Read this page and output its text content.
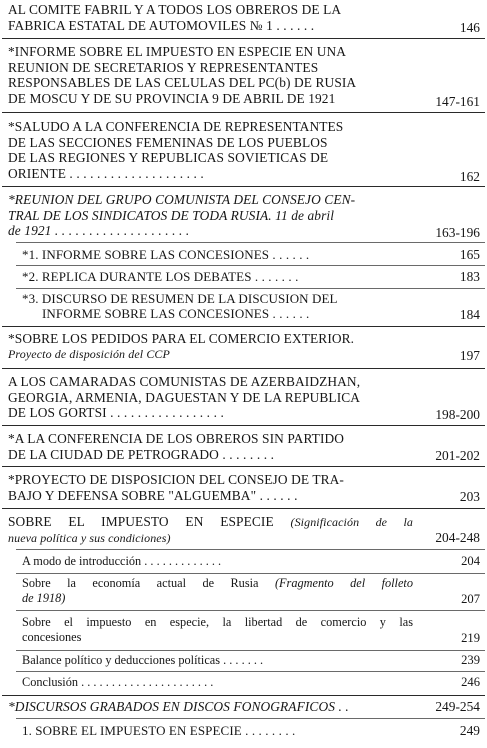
AL COMITE FABRIL Y A TODOS LOS OBREROS DE LA
FABRICA ESTATAL DE AUTOMOVILES № 1 . . . . . .	146
*INFORME SOBRE EL IMPUESTO EN ESPECIE EN UNA
REUNION DE SECRETARIOS Y REPRESENTANTES
RESPONSABLES DE LAS CELULAS DEL PC(b) DE RUSIA
DE MOSCU Y DE SU PROVINCIA 9 DE ABRIL DE 1921	147-161
*SALUDO A LA CONFERENCIA DE REPRESENTANTES
DE LAS SECCIONES FEMENINAS DE LOS PUEBLOS
DE LAS REGIONES Y REPUBLICAS SOVIETICAS DE
ORIENTE . . . . . . . . . . . . . . . . . . . .	162
*REUNION DEL GRUPO COMUNISTA DEL CONSEJO CEN-
TRAL DE LOS SINDICATOS DE TODA RUSIA. 11 de abril
de 1921 . . . . . . . . . . . . . . . . . . . .	163-196
*1. INFORME SOBRE LAS CONCESIONES . . . . . .	165
*2. REPLICA DURANTE LOS DEBATES . . . . . . .	183
*3. DISCURSO DE RESUMEN DE LA DISCUSION DEL
INFORME SOBRE LAS CONCESIONES . . . . . .	184
*SOBRE LOS PEDIDOS PARA EL COMERCIO EXTERIOR.
Proyecto de disposición del CCP	197
A LOS CAMARADAS COMUNISTAS DE AZERBAIDZHAN,
GEORGIA, ARMENIA, DAGUESTAN Y DE LA REPUBLICA
DE LOS GORTSI . . . . . . . . . . . . . . . . .	198-200
*A LA CONFERENCIA DE LOS OBREROS SIN PARTIDO
DE LA CIUDAD DE PETROGRADO . . . . . . . .	201-202
*PROYECTO DE DISPOSICION DEL CONSEJO DE TRA-
BAJO Y DEFENSA SOBRE "ALGUEMBA" . . . . . .	203
SOBRE EL IMPUESTO EN ESPECIE (Significación de la
nueva política y sus condiciones)	204-248
A modo de introducción . . . . . . . . . . . . .	204
Sobre la economía actual de Rusia (Fragmento del folleto
de 1918)	207
Sobre el impuesto en especie, la libertad de comercio y las
concesiones	219
Balance político y deducciones políticas . . . . . . .	239
Conclusión . . . . . . . . . . . . . . . . . . . . . .	246
*DISCURSOS GRABADOS EN DISCOS FONOGRAFICOS . .	249-254
1. SOBRE EL IMPUESTO EN ESPECIE . . . . . . . .	249
